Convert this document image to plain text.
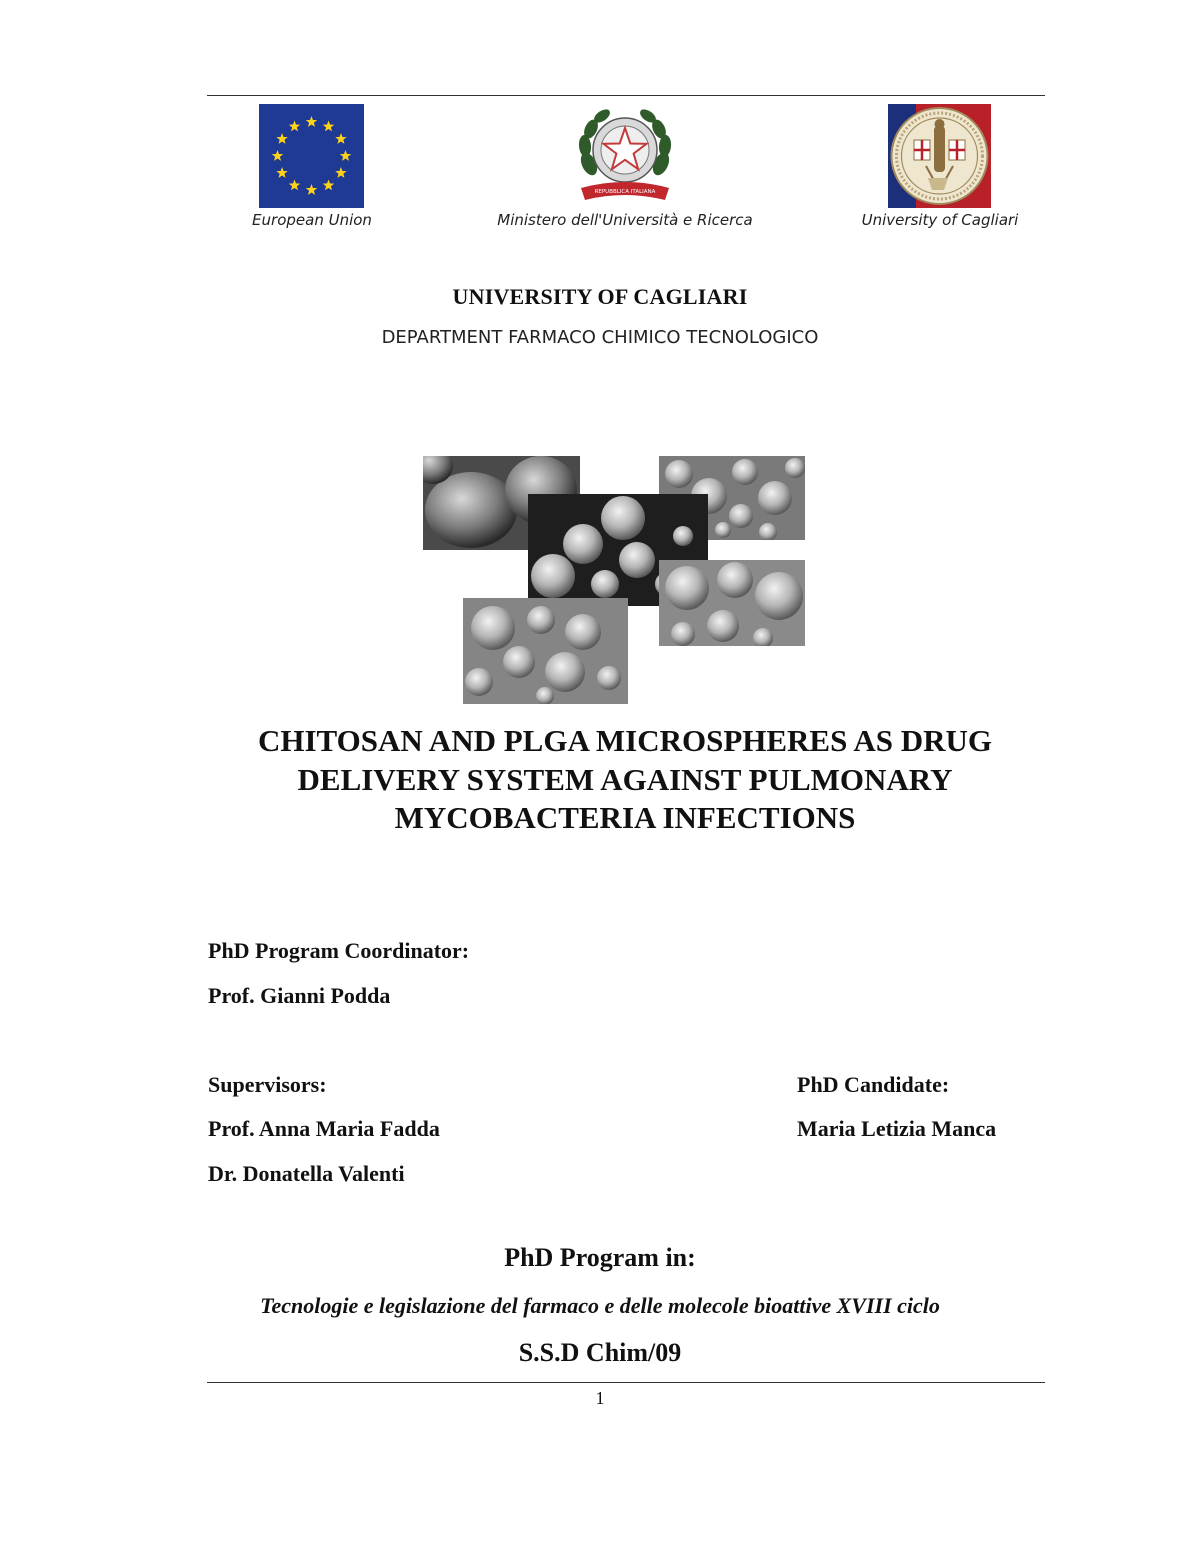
REPUBBLICA ITALIANA
European Union	Ministero dell'Università e Ricerca	University of Cagliari
UNIVERSITY OF CAGLIARI
DEPARTMENT FARMACO CHIMICO TECNOLOGICO
CHITOSAN AND PLGA MICROSPHERES AS DRUG
DELIVERY SYSTEM AGAINST PULMONARY
MYCOBACTERIA INFECTIONS
PhD Program Coordinator:
Prof. Gianni Podda
Supervisors:
Prof. Anna Maria Fadda
Dr. Donatella Valenti
PhD Candidate:
Maria Letizia Manca
PhD Program in:
Tecnologie e legislazione del farmaco e delle molecole bioattive XVIII ciclo
S.S.D Chim/09
1
